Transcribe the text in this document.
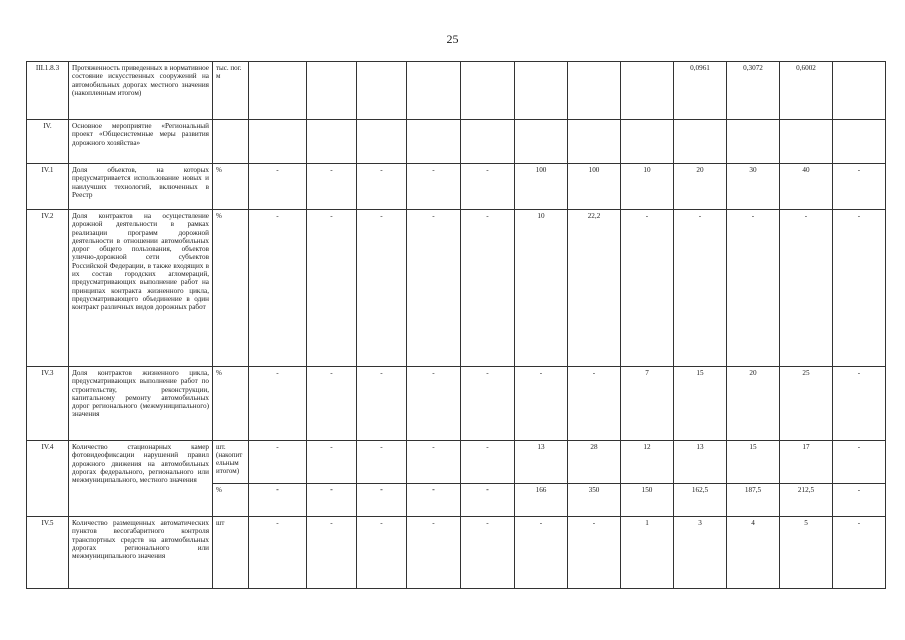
25
III.1.8.3	Протяженность приведенных в нормативное состояние искусственных сооружений на автомобильных дорогах местного значения (накопленным итогом)	тыс. пог. м									0,0961	0,3072	0,6002	
IV.	Основное мероприятие «Региональный проект «Общесистемные меры развития дорожного хозяйства»													
IV.1	Доля объектов, на которых предусматривается использование новых и наилучших технологий, включенных в Реестр	%	-	-	-	-	-	100	100	10	20	30	40	-
IV.2	Доля контрактов на осуществление дорожной деятельности в рамках реализации программ дорожной деятельности в отношении автомобильных дорог общего пользования, объектов улично-дорожной сети субъектов Российской Федерации, в также входящих в их состав городских агломераций, предусматривающих выполнение работ на принципах контракта жизненного цикла, предусматривающего объединение в один контракт различных видов дорожных работ	%	-	-	-	-	-	10	22,2	-	-	-	-	-
IV.3	Доля контрактов жизненного цикла, предусматривающих выполнение работ по строительству, реконструкции, капитальному ремонту автомобильных дорог регионального (межмуниципального) значения	%	-	-	-	-	-	-	-	7	15	20	25	-
IV.4	Количество стационарных камер фотовидеофиксации нарушений правил дорожного движения на автомобильных дорогах федерального, регионального или межмуниципального, местного значения	шт. (накопительным итогом)	-	-	-	-	-	13	28	12	13	15	17	-
		%	-	-	-	-	-	166	350	150	162,5	187,5	212,5	-
IV.5	Количество размещенных автоматических пунктов весогабаритного контроля транспортных средств на автомобильных дорогах регионального или межмуниципального значения	шт	-	-	-	-	-	-	-	1	3	4	5	-
